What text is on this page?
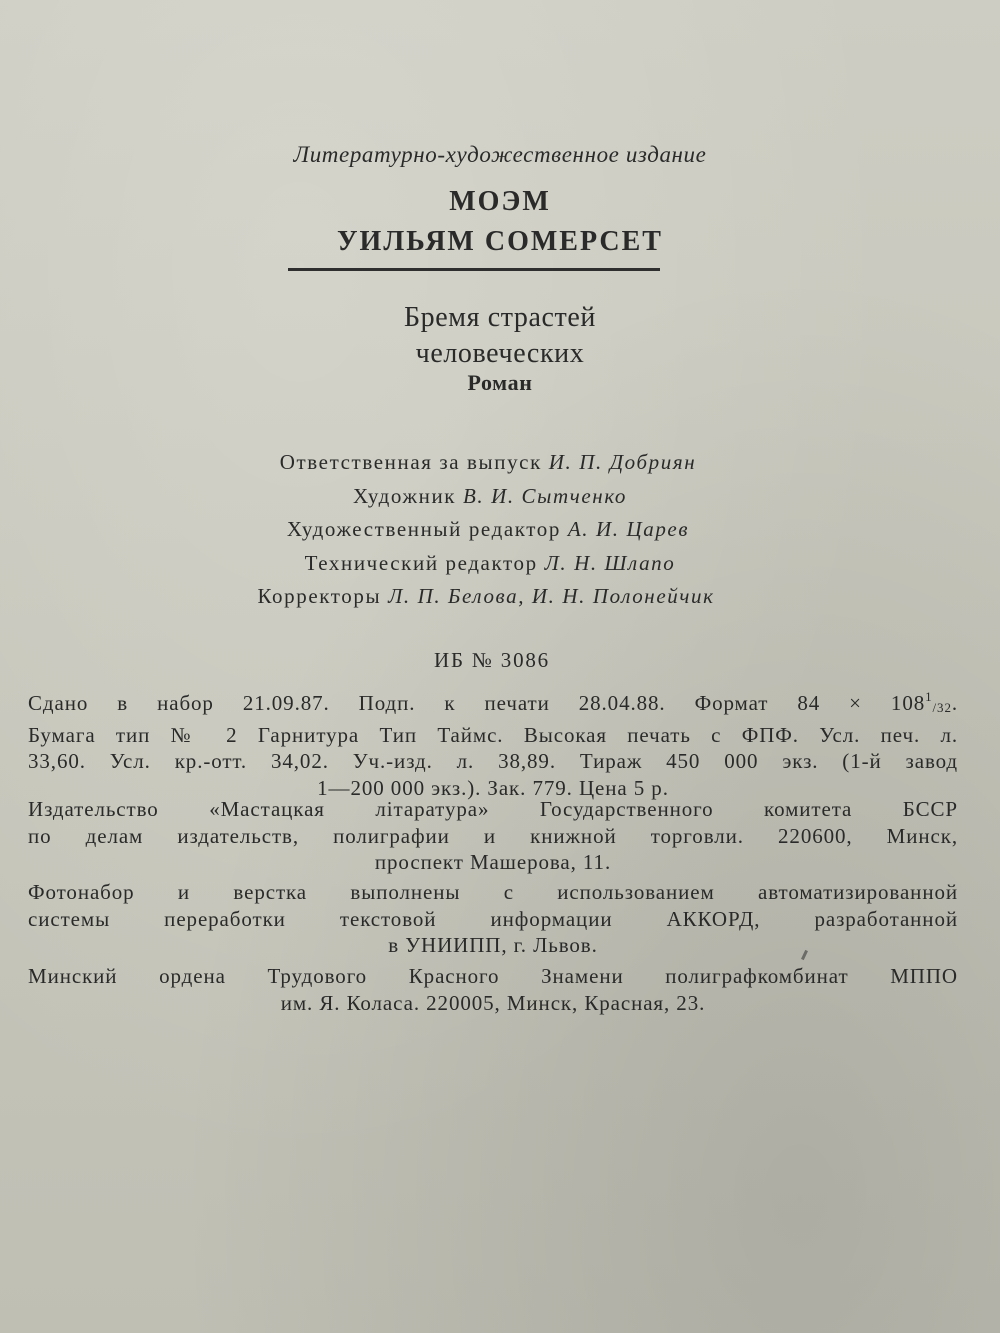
Литературно-художественное издание
МОЭМ
УИЛЬЯМ СОМЕРСЕТ
Бремя страстей
человеческих
Роман
Ответственная за выпуск И. П. Добриян
Художник В. И. Сытченко
Художественный редактор А. И. Царев
Технический редактор Л. Н. Шлапо
Корректоры Л. П. Белова, И. Н. Полонейчик
ИБ № 3086
Сдано в набор 21.09.87. Подп. к печати 28.04.88. Формат $84 \times 108^1/32$.
Бумага тип № 2 Гарнитура Тип Таймс. Высокая печать с ФПФ. Усл. печ. л.
33,60. Усл. кр.-отт. 34,02. Уч.-изд. л. 38,89. Тираж 450 000 экз. (1-й завод
1—200 000 экз.). Зак. 779. Цена 5 р.
Издательство «Мастацкая літаратура» Государственного комитета БССР
по делам издательств, полиграфии и книжной торговли. 220600, Минск,
проспект Машерова, 11.
Фотонабор и верстка выполнены с использованием автоматизированной
системы переработки текстовой информации АККОРД, разработанной
в УНИИПП, г. Львов.
Минский ордена Трудового Красного Знамени полиграфкомбинат МППО
им. Я. Коласа. 220005, Минск, Красная, 23.
